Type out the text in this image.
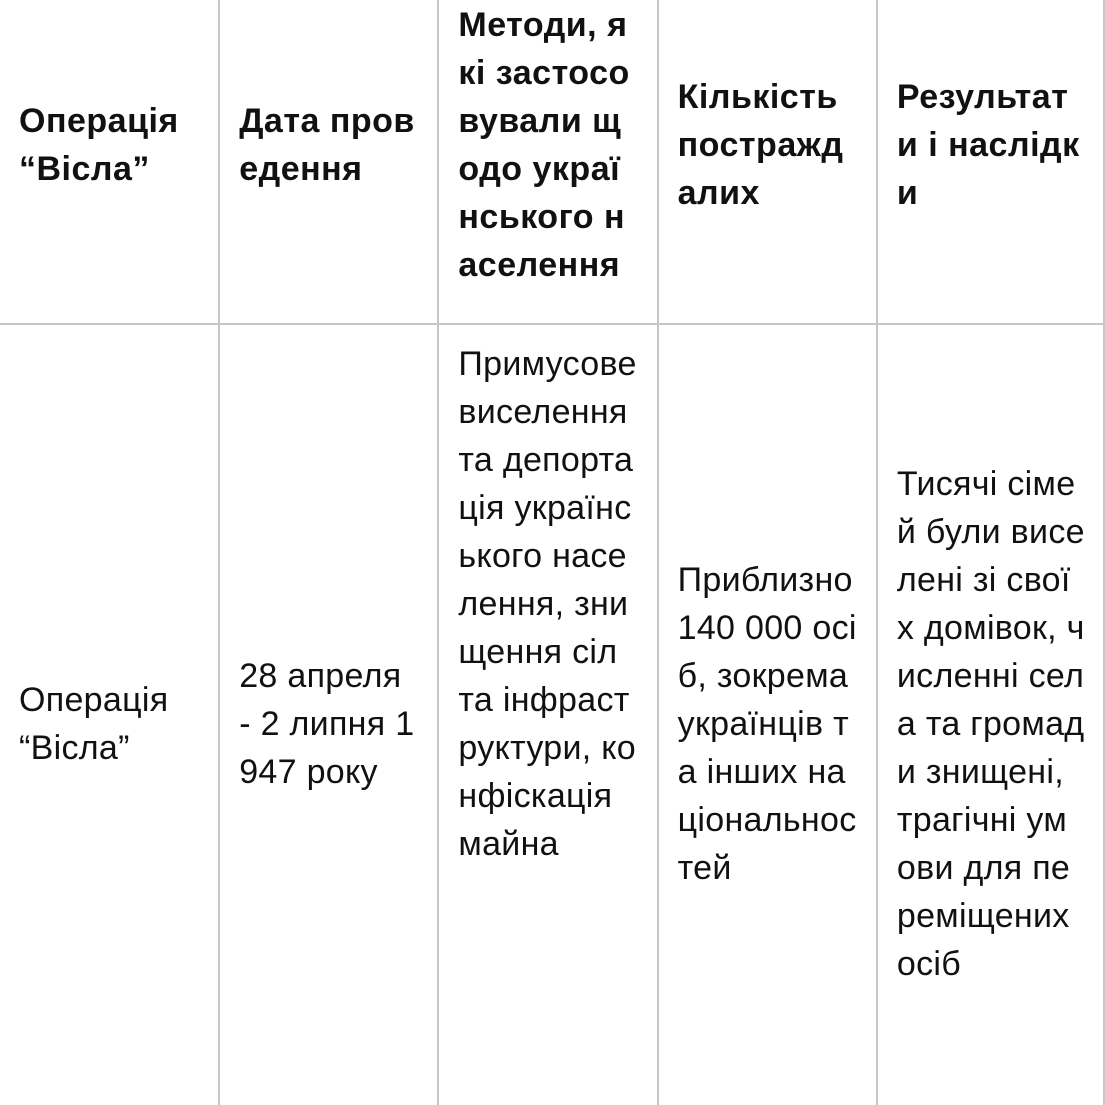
Операція “Вісла”	Дата проведення	Методи, які застосовували щодо українського населення	Кількість постраждалих	Результати і наслідки
Операція “Вісла”	28 апреля - 2 липня 1947 року	Примусове виселення та депортація українського населення, знищення сіл та інфраструктури, конфіскація майна	Приблизно 140 000 осіб, зокрема українців та інших національностей	Тисячі сімей були виселені зі своїх домівок, численні села та громади знищені, трагічні умови для переміщених осіб
